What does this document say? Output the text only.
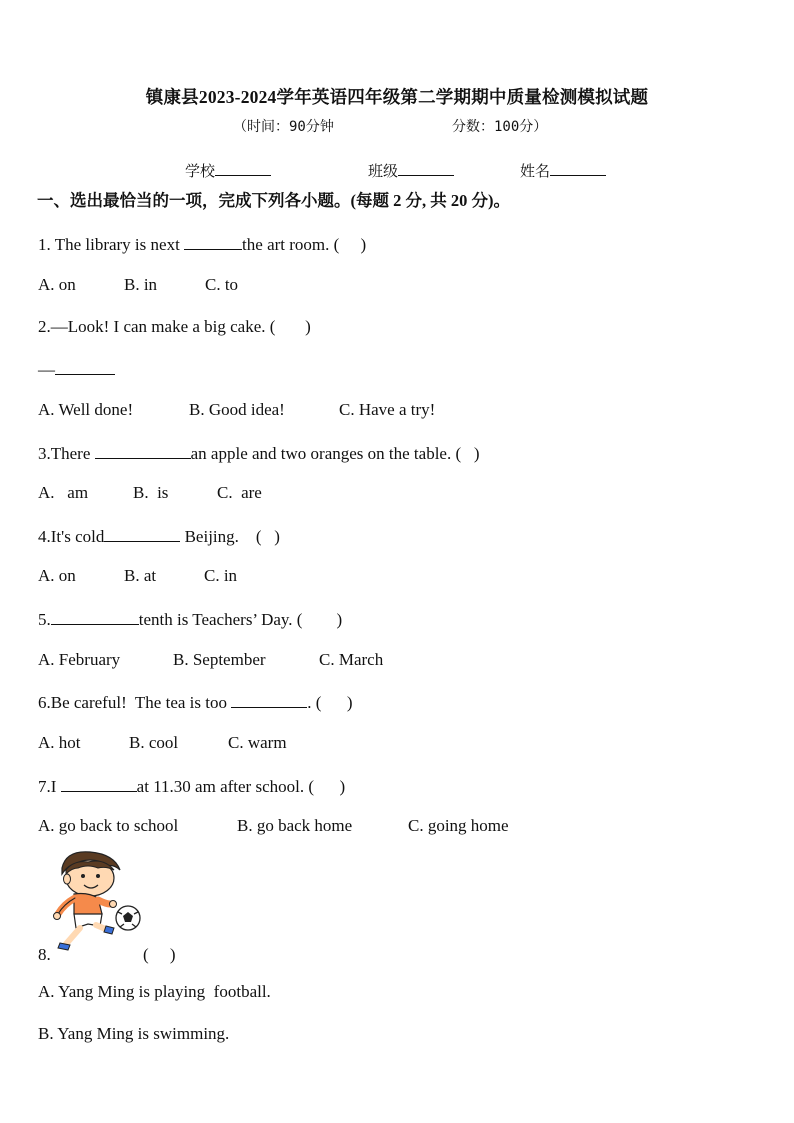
镇康县2023-2024学年英语四年级第二学期期中质量检测模拟试题
（时间：90分钟	分数：100分）
学校	班级	姓名
一、选出最恰当的一项，完成下列各小题。(每题 2 分, 共 20 分)。
1. The library is next	the art room. (     )
A. on	B. in	C. to
2.—Look! I can make a big cake. (       )
—
A. Well done!	B. Good idea!	C. Have a try!
3.There	an apple and two oranges on the table. (   )
A.   am	B.  is	C.  are
4.It's cold	Beijing.    (   )
A. on	B. at	C. in
5.	tenth is Teachers’ Day. (        )
A. February	B. September	C. March
6.Be careful!  The tea is too	. (      )
A. hot	B. cool	C. warm
7.I	at 11.30 am after school. (      )
A. go back to school	B. go back home	C. going home
8.	(     )
A. Yang Ming is playing  football.
B. Yang Ming is swimming.
